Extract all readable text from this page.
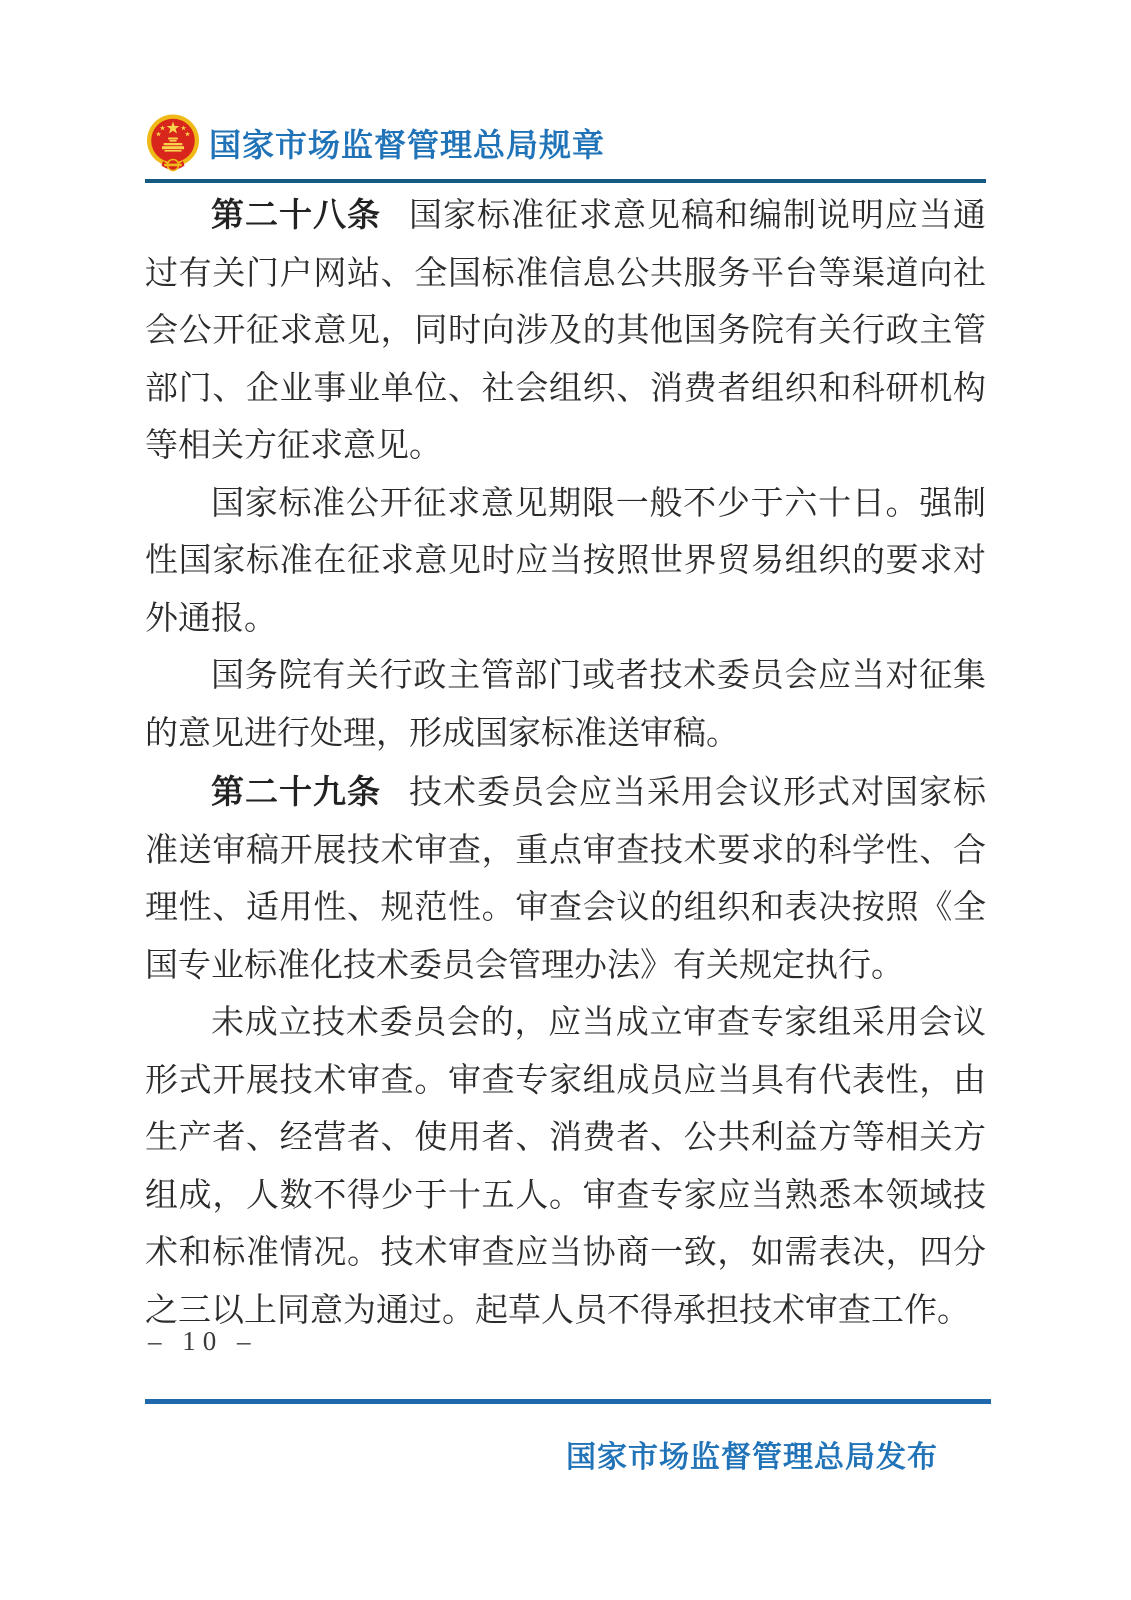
国家市场监督管理总局规章

第二十八条 国家标准征求意见稿和编制说明应当通过有关门户网站、全国标准信息公共服务平台等渠道向社会公开征求意见，同时向涉及的其他国务院有关行政主管部门、企业事业单位、社会组织、消费者组织和科研机构等相关方征求意见。

国家标准公开征求意见期限一般不少于六十日。强制性国家标准在征求意见时应当按照世界贸易组织的要求对外通报。

国务院有关行政主管部门或者技术委员会应当对征集的意见进行处理，形成国家标准送审稿。

第二十九条 技术委员会应当采用会议形式对国家标准送审稿开展技术审查，重点审查技术要求的科学性、合理性、适用性、规范性。审查会议的组织和表决按照《全国专业标准化技术委员会管理办法》有关规定执行。

未成立技术委员会的，应当成立审查专家组采用会议形式开展技术审查。审查专家组成员应当具有代表性，由生产者、经营者、使用者、消费者、公共利益方等相关方组成，人数不得少于十五人。审查专家应当熟悉本领域技术和标准情况。技术审查应当协商一致，如需表决，四分之三以上同意为通过。起草人员不得承担技术审查工作。

– 10 –
国家市场监督管理总局发布
